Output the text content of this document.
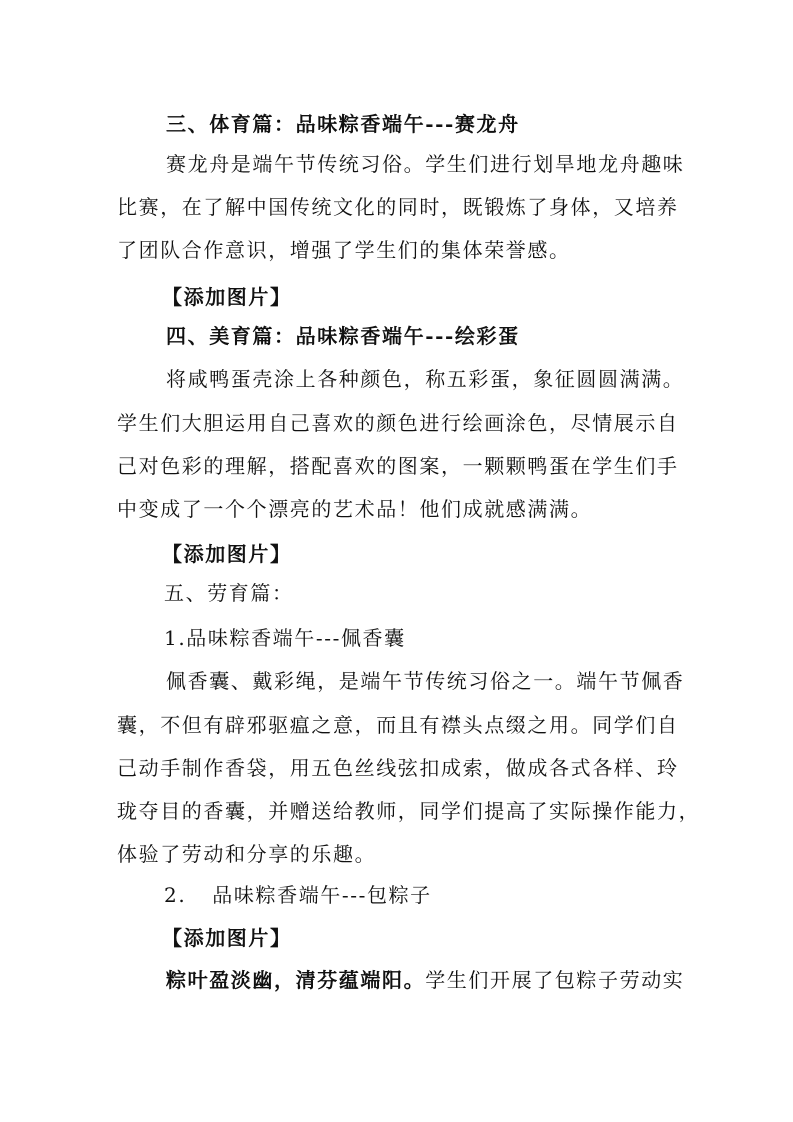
三、体育篇：品味粽香端午---赛龙舟
赛龙舟是端午节传统习俗。学生们进行划旱地龙舟趣味
比赛，在了解中国传统文化的同时，既锻炼了身体，又培养
了团队合作意识，增强了学生们的集体荣誉感。
【添加图片】
四、美育篇：品味粽香端午---绘彩蛋
将咸鸭蛋壳涂上各种颜色，称五彩蛋，象征圆圆满满。
学生们大胆运用自己喜欢的颜色进行绘画涂色，尽情展示自
己对色彩的理解，搭配喜欢的图案，一颗颗鸭蛋在学生们手
中变成了一个个漂亮的艺术品！他们成就感满满。
【添加图片】
五、劳育篇：
1.品味粽香端午---佩香囊
佩香囊、戴彩绳，是端午节传统习俗之一。端午节佩香
囊，不但有辟邪驱瘟之意，而且有襟头点缀之用。同学们自
己动手制作香袋，用五色丝线弦扣成索，做成各式各样、玲
珑夺目的香囊，并赠送给教师，同学们提高了实际操作能力，
体验了劳动和分享的乐趣。
2. 品味粽香端午---包粽子
【添加图片】
粽叶盈淡幽，清芬蕴端阳。学生们开展了包粽子劳动实
